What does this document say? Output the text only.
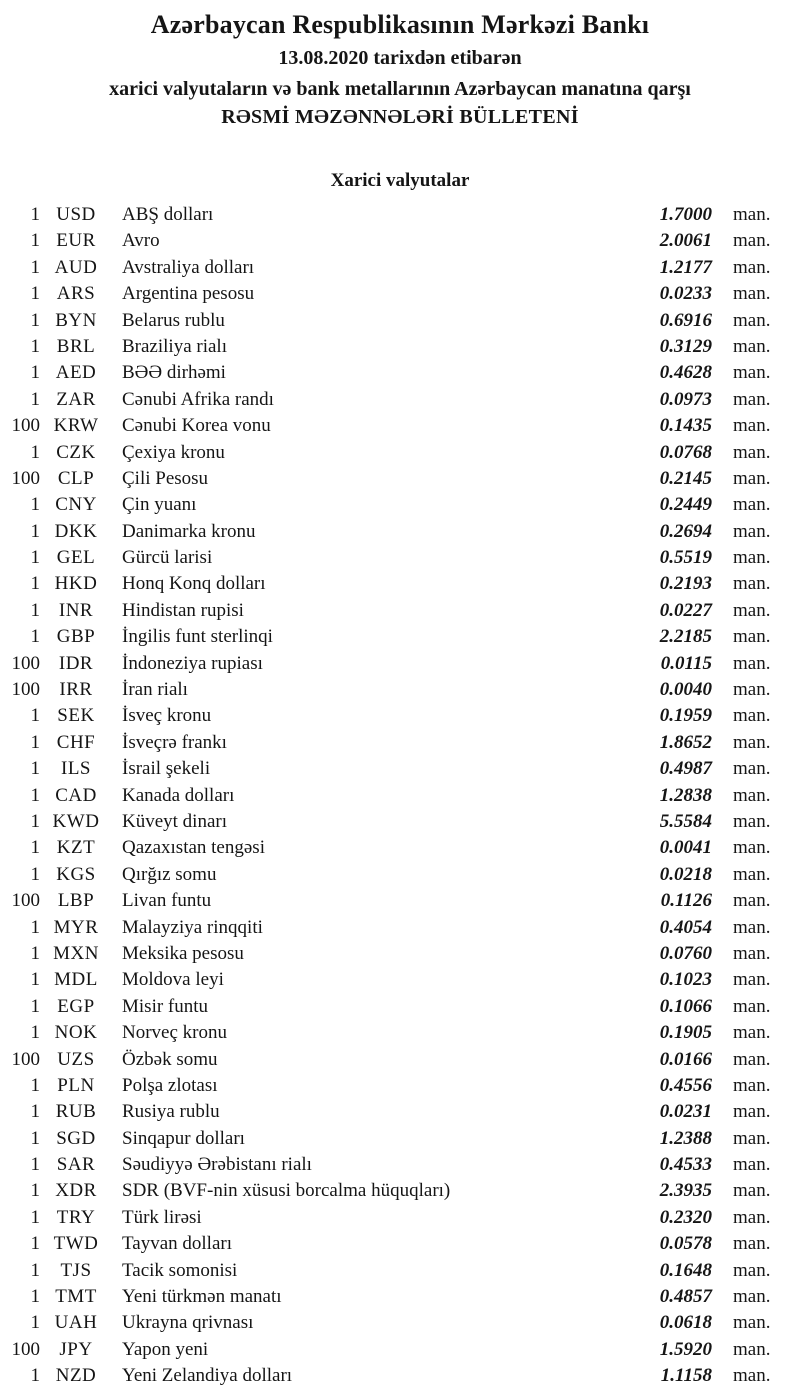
Azərbaycan Respublikasının Mərkəzi Bankı

13.08.2020 tarixdən etibarən

xarici valyutaların və bank metallarının Azərbaycan manatına qarşı

RƏSMİ MƏZƏNNƏLƏRİ BÜLLETENİ

Xarici valyutalar
1 USD	ABŞ dolları	1.7000	man.
1 EUR	Avro	2.0061	man.
1 AUD	Avstraliya dolları	1.2177	man.
1 ARS	Argentina pesosu	0.0233	man.
1 BYN	Belarus rublu	0.6916	man.
1 BRL	Braziliya rialı	0.3129	man.
1 AED	BƏƏ dirhəmi	0.4628	man.
1 ZAR	Cənubi Afrika randı	0.0973	man.
100 KRW	Cənubi Korea vonu	0.1435	man.
1 CZK	Çexiya kronu	0.0768	man.
100 CLP	Çili Pesosu	0.2145	man.
1 CNY	Çin yuanı	0.2449	man.
1 DKK	Danimarka kronu	0.2694	man.
1 GEL	Gürcü larisi	0.5519	man.
1 HKD	Honq Konq dolları	0.2193	man.
1 INR	Hindistan rupisi	0.0227	man.
1 GBP	İngilis funt sterlinqi	2.2185	man.
100 IDR	İndoneziya rupiası	0.0115	man.
100	IRR	İran rialı	0.0040	man.
1 SEK	İsveç kronu	0.1959	man.
1 CHF	İsveçrə frankı	1.8652	man.
1	ILS	İsrail şekeli	0.4987	man.
1 CAD	Kanada dolları	1.2838	man.
1 KWD	Küveyt dinarı	5.5584	man.
1 KZT	Qazaxıstan tengəsi	0.0041	man.
1 KGS	Qırğız somu	0.0218	man.
100 LBP	Livan funtu	0.1126	man.
1 MYR	Malayziya rinqqiti	0.4054	man.
1 MXN	Meksika pesosu	0.0760	man.
1 MDL	Moldova leyi	0.1023	man.
1 EGP	Misir funtu	0.1066	man.
1 NOK	Norveç kronu	0.1905	man.
100 UZS	Özbək somu	0.0166	man.
1 PLN	Polşa zlotası	0.4556	man.
1 RUB	Rusiya rublu	0.0231	man.
1 SGD	Sinqapur dolları	1.2388	man.
1 SAR	Səudiyyə Ərəbistanı rialı	0.4533	man.
1 XDR	SDR (BVF-nin xüsusi borcalma hüquqları)	2.3935	man.
1 TRY	Türk lirəsi	0.2320	man.
1 TWD	Tayvan dolları	0.0578	man.
1	TJS	Tacik somonisi	0.1648	man.
1 TMT	Yeni türkmən manatı	0.4857	man.
1 UAH	Ukrayna qrivnası	0.0618	man.
100	JPY	Yapon yeni	1.5920	man.
1 NZD	Yeni Zelandiya dolları	1.1158	man.
